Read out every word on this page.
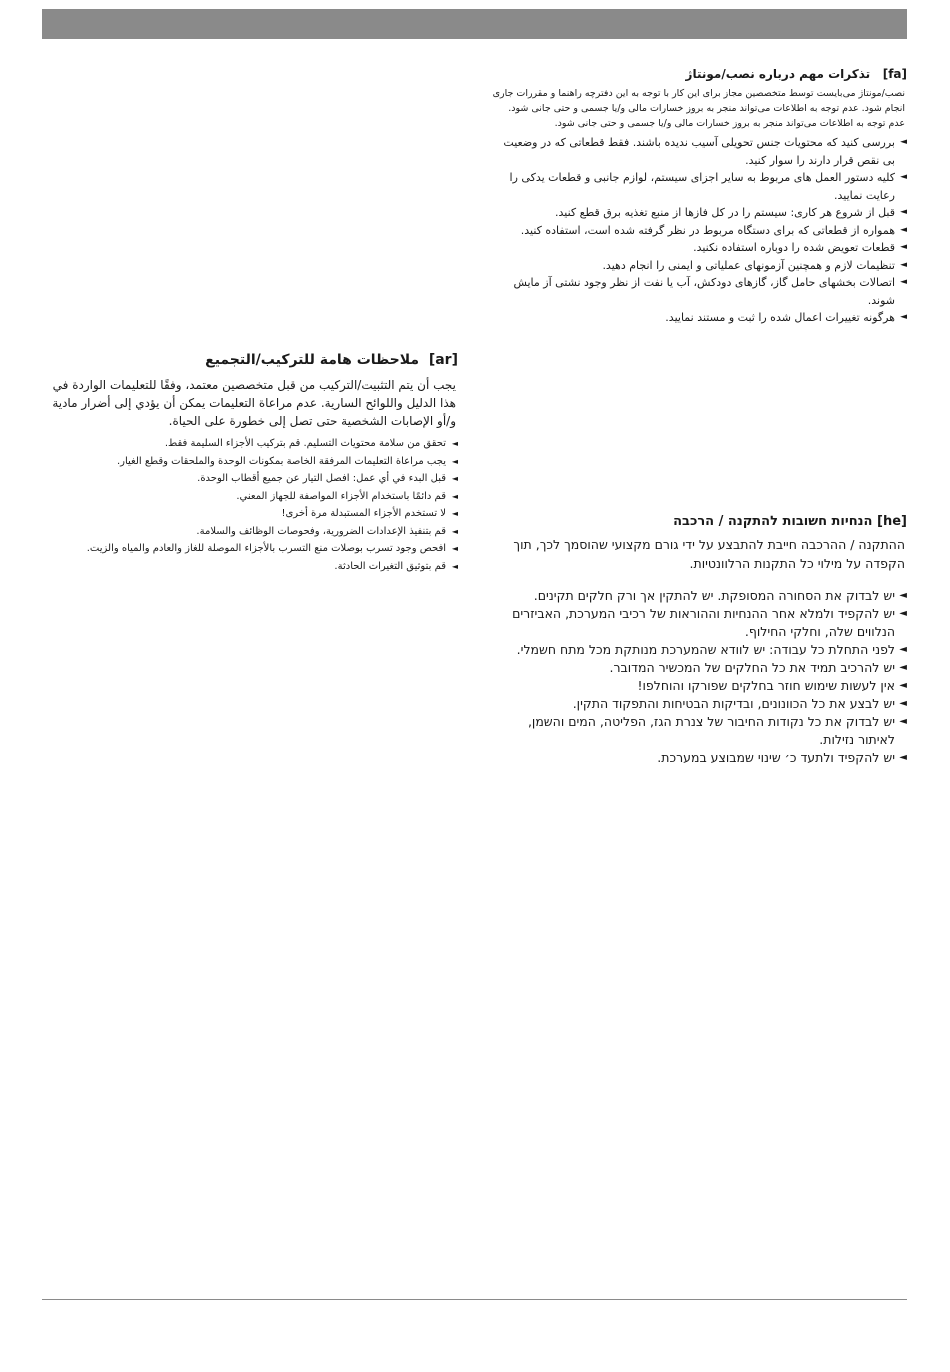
[fa]   تذکرات مهم درباره نصب/مونتاژ

نصب/مونتاژ می‌بایست توسط متخصصین مجاز برای این کار با توجه به این دفترچه راهنما و مقررات جاری انجام شود. عدم توجه به اطلاعات می‌تواند منجر به بروز خسارات مالی و/یا جسمی و حتی جانی شود. عدم توجه به اطلاعات می‌تواند منجر به بروز خسارات مالی و/یا جسمی و حتی جانی شود.

◄ بررسی کنید که محتویات جنس تحویلی آسیب ندیده باشند. فقط قطعاتی که در وضعیت بی نقص قرار دارند را سوار کنید.
◄ کلیه دستور العمل های مربوط به سایر اجزای سیستم، لوازم جانبی و قطعات یدکی را رعایت نمایید.
◄ قبل از شروع هر کاری: سیستم را در کل فازها از منبع تغذیه برق قطع کنید.
◄ همواره از قطعاتی که برای دستگاه مربوط در نظر گرفته شده است، استفاده کنید.
◄ قطعات تعویض شده را دوباره استفاده نکنید.
◄ تنظیمات لازم و همچنین آزمونهای عملیاتی و ایمنی را انجام دهید.
◄ اتصالات بخشهای حامل گاز، گازهای دودکش، آب یا نفت از نظر وجود نشتی آز مایش شوند.
◄ هرگونه تغییرات اعمال شده را ثبت و مستند نمایید.
[ar]  ملاحظات هامة للتركيب/التجميع

يجب أن يتم التثبيت/التركيب من قبل متخصصين معتمد، وفقًا للتعليمات الواردة في هذا الدليل واللوائح السارية. عدم مراعاة التعليمات يمكن أن يؤدي إلى أضرار مادية و/أو الإصابات الشخصية حتى تصل إلى خطورة على الحياة.

◄ تحقق من سلامة محتويات التسليم. قم بتركيب الأجزاء السليمة فقط.
◄ يجب مراعاة التعليمات المرفقة الخاصة بمكونات الوحدة والملحقات وقطع الغيار.
◄ قبل البدء في أي عمل: افصل التيار عن جميع أقطاب الوحدة.
◄ قم دائمًا باستخدام الأجزاء المواصفة للجهاز المعني.
◄ لا تستخدم الأجزاء المستبدلة مرة أخرى!
◄ قم بتنفيذ الإعدادات الضرورية، وفحوصات الوظائف والسلامة.
◄ افحص وجود تسرب بوصلات منع التسرب بالأجزاء الموصلة للغاز والعادم والمياه والزيت.
◄ قم بتوثيق التغيرات الحادثة.
[he] הנחיות חשובות להתקנה / הרכבה

ההתקנה / ההרכבה חייבת להתבצע על ידי גורם מקצועי שהוסמך לכך, תוך הקפדה על מילוי כל התקנות הרלוונטיות.

◄ יש לבדוק את הסחורה המסופקת. יש להתקין אך ורק חלקים תקינים.
◄ יש להקפיד ולמלא אחר ההנחיות וההוראות של רכיבי המערכת, האביזרים הנלווים שלה, וחלקי החילוף.
◄ לפני התחלת כל עבודה: יש לוודא שהמערכת מנותקת מכל מתח חשמלי.
◄ יש להרכיב תמיד את כל החלקים של המכשיר המדובר.
◄ אין לעשות שימוש חוזר בחלקים שפורקו והוחלפו!
◄ יש לבצע את כל הכוונונים, ובדיקות הבטיחות והתפקוד התקין.
◄ יש לבדוק את כל נקודות החיבור של צנרת הגז, הפליטה, המים והשמן, לאיתור נזילות.
◄ יש להקפיד ולתעד כ׳ שינוי שמבוצע במערכת.
